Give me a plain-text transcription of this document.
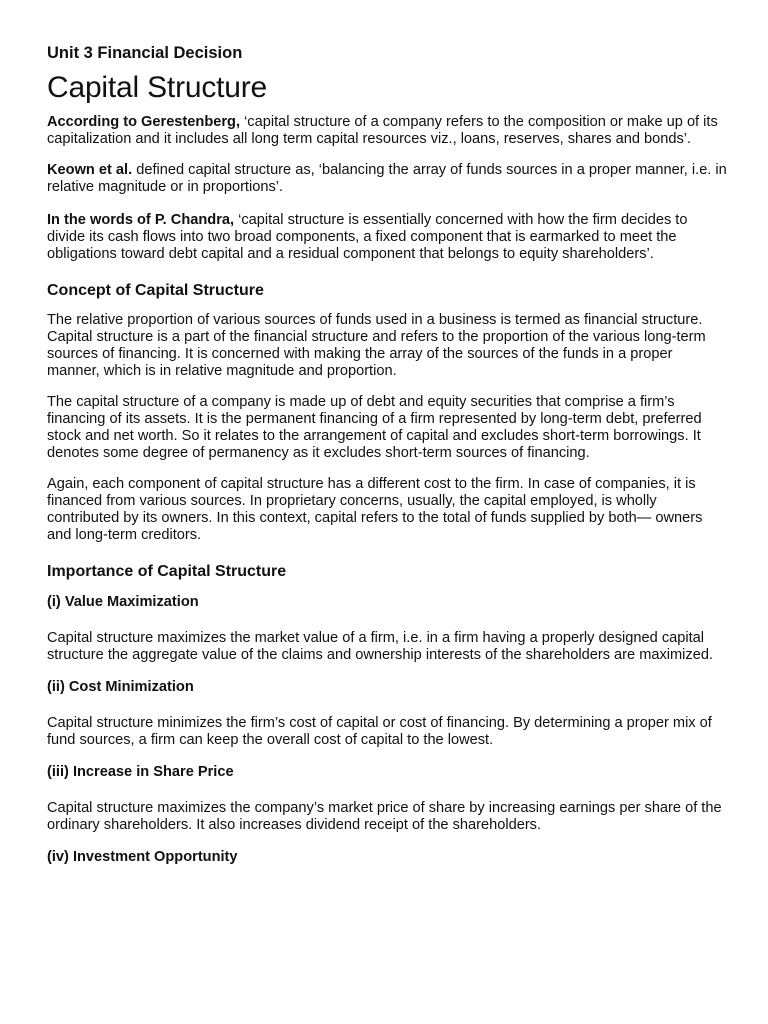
Unit 3 Financial Decision
Capital Structure

According to Gerestenberg, ‘capital structure of a company refers to the composition or make up of its capitalization and it includes all long term capital resources viz., loans, reserves, shares and bonds’.

Keown et al. defined capital structure as, ‘balancing the array of funds sources in a proper manner, i.e. in relative magnitude or in proportions’.

In the words of P. Chandra, ‘capital structure is essentially concerned with how the firm decides to divide its cash flows into two broad components, a fixed component that is earmarked to meet the obligations toward debt capital and a residual component that belongs to equity shareholders’.

Concept of Capital Structure

The relative proportion of various sources of funds used in a business is termed as financial structure. Capital structure is a part of the financial structure and refers to the proportion of the various long-term sources of financing. It is concerned with making the array of the sources of the funds in a proper manner, which is in relative magnitude and proportion.

The capital structure of a company is made up of debt and equity securities that comprise a firm’s financing of its assets. It is the permanent financing of a firm represented by long-term debt, preferred stock and net worth. So it relates to the arrangement of capital and excludes short-term borrowings. It denotes some degree of permanency as it excludes short-term sources of financing.

Again, each component of capital structure has a different cost to the firm. In case of companies, it is financed from various sources. In proprietary concerns, usually, the capital employed, is wholly contributed by its owners. In this context, capital refers to the total of funds supplied by both— owners and long-term creditors.

Importance of Capital Structure
(i) Value Maximization

Capital structure maximizes the market value of a firm, i.e. in a firm having a properly designed capital structure the aggregate value of the claims and ownership interests of the shareholders are maximized.

(ii) Cost Minimization

Capital structure minimizes the firm’s cost of capital or cost of financing. By determining a proper mix of fund sources, a firm can keep the overall cost of capital to the lowest.

(iii) Increase in Share Price

Capital structure maximizes the company’s market price of share by increasing earnings per share of the ordinary shareholders. It also increases dividend receipt of the shareholders.

(iv) Investment Opportunity
